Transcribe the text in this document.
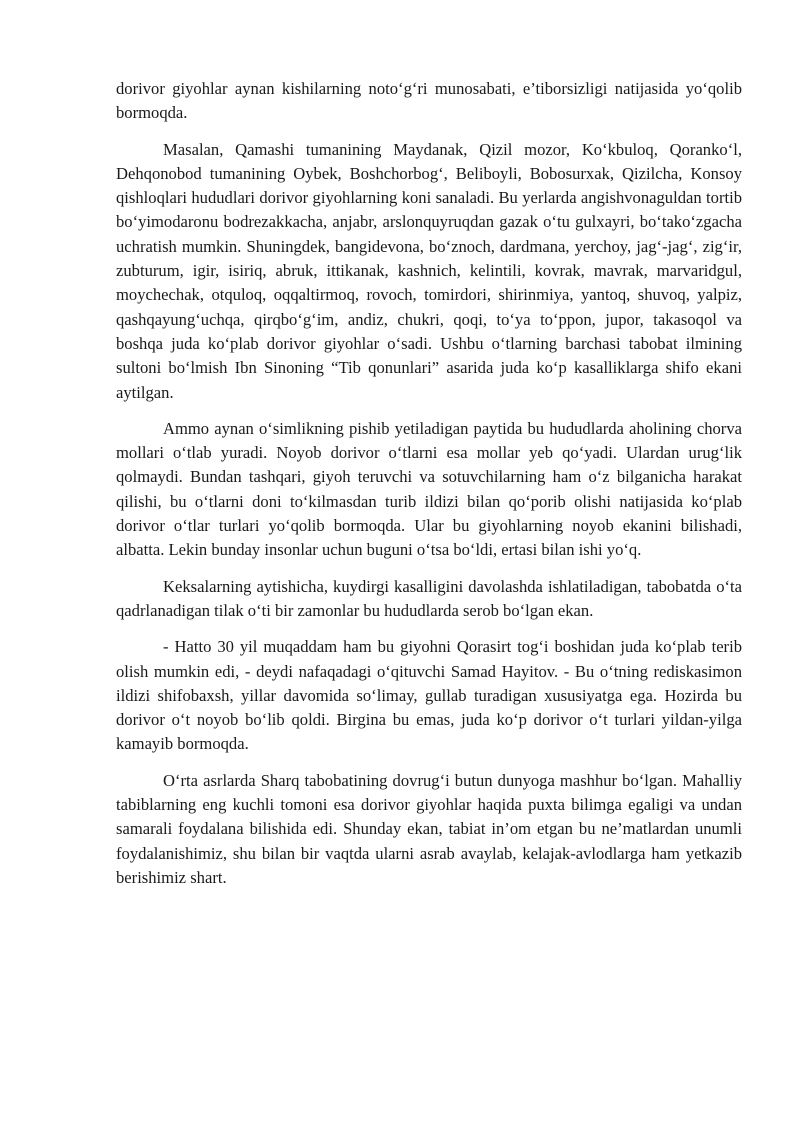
dorivor giyohlar aynan kishilarning noto‘g‘ri munosabati, e’tiborsizligi natijasida yo‘qolib bormoqda.

Masalan, Qamashi tumanining Maydanak, Qizil mozor, Ko‘kbuloq, Qoranko‘l, Dehqonobod tumanining Oybek, Boshchorbog‘, Beliboyli, Bobosurxak, Qizilcha, Konsoy qishloqlari hududlari dorivor giyohlarning koni sanaladi. Bu yerlarda angishvonaguldan tortib bo‘yimodaronu bodrezakkacha, anjabr, arslonquyruqdan gazak o‘tu gulxayri, bo‘tako‘zgacha uchratish mumkin. Shuningdek, bangidevona, bo‘znoch, dardmana, yerchoy, jag‘-jag‘, zig‘ir, zubturum, igir, isiriq, abruk, ittikanak, kashnich, kelintili, kovrak, mavrak, marvaridgul, moychechak, otquloq, oqqaltirmoq, rovoch, tomirdori, shirinmiya, yantoq, shuvoq, yalpiz, qashqayung‘uchqa, qirqbo‘g‘im, andiz, chukri, qoqi, to‘ya to‘ppon, jupor, takasoqol va boshqa juda ko‘plab dorivor giyohlar o‘sadi. Ushbu o‘tlarning barchasi tabobat ilmining sultoni bo‘lmish Ibn Sinoning “Tib qonunlari” asarida juda ko‘p kasalliklarga shifo ekani aytilgan.

Ammo aynan o‘simlikning pishib yetiladigan paytida bu hududlarda aholining chorva mollari o‘tlab yuradi. Noyob dorivor o‘tlarni esa mollar yeb qo‘yadi. Ulardan urug‘lik qolmaydi. Bundan tashqari, giyoh teruvchi va sotuvchilarning ham o‘z bilganicha harakat qilishi, bu o‘tlarni doni to‘kilmasdan turib ildizi bilan qo‘porib olishi natijasida ko‘plab dorivor o‘tlar turlari yo‘qolib bormoqda. Ular bu giyohlarning noyob ekanini bilishadi, albatta. Lekin bunday insonlar uchun buguni o‘tsa bo‘ldi, ertasi bilan ishi yo‘q.

Keksalarning aytishicha, kuydirgi kasalligini davolashda ishlatiladigan, tabobatda o‘ta qadrlanadigan tilak o‘ti bir zamonlar bu hududlarda serob bo‘lgan ekan.

- Hatto 30 yil muqaddam ham bu giyohni Qorasirt tog‘i boshidan juda ko‘plab terib olish mumkin edi, - deydi nafaqadagi o‘qituvchi Samad Hayitov. - Bu o‘tning rediskasimon ildizi shifobaxsh, yillar davomida so‘limay, gullab turadigan xususiyatga ega. Hozirda bu dorivor o‘t noyob bo‘lib qoldi. Birgina bu emas, juda ko‘p dorivor o‘t turlari yildan-yilga kamayib bormoqda.

O‘rta asrlarda Sharq tabobatining dovrug‘i butun dunyoga mashhur bo‘lgan. Mahalliy tabiblarning eng kuchli tomoni esa dorivor giyohlar haqida puxta bilimga egaligi va undan samarali foydalana bilishida edi. Shunday ekan, tabiat in’om etgan bu ne’matlardan unumli foydalanishimiz, shu bilan bir vaqtda ularni asrab avaylab, kelajak-avlodlarga ham yetkazib berishimiz shart.
